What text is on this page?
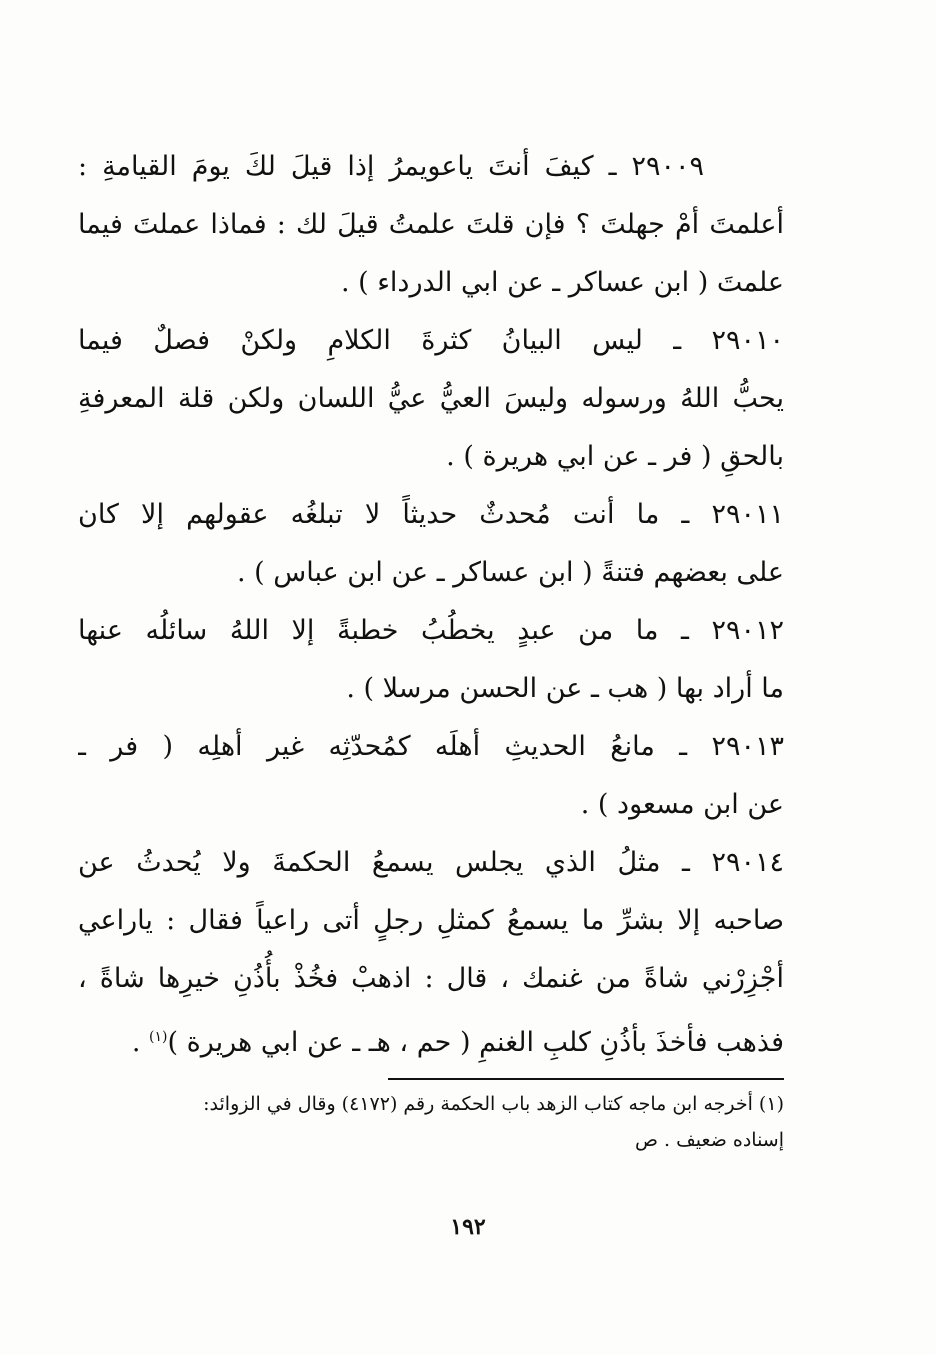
٢٩٠٠٩ ـ كيفَ أنتَ ياعويمرُ إذا قيلَ لكَ يومَ القيامةِ :
أعلمتَ أمْ جهلتَ ؟ فإن قلتَ علمتُ قيلَ لك : فماذا عملتَ فيما
علمتَ ( ابن عساكر ـ عن ابي الدرداء ) .
٢٩٠١٠ ـ ليس البيانُ كثرةَ الكلامِ ولكنْ فصلٌ فيما
يحبُّ اللهُ ورسوله وليسَ العيُّ عيُّ اللسان ولكن قلة المعرفةِ
بالحقِ ( فر ـ عن ابي هريرة ) .
٢٩٠١١ ـ ما أنت مُحدثٌ حديثاً لا تبلغُه عقولهم إلا كان
على بعضهم فتنةً ( ابن عساكر ـ عن ابن عباس ) .
٢٩٠١٢ ـ ما من عبدٍ يخطُبُ خطبةً إلا اللهُ سائلُه عنها
ما أراد بها ( هب ـ عن الحسن مرسلا ) .
٢٩٠١٣ ـ مانعُ الحديثِ أهلَه كمُحدّثِه غير أهلِه ( فر ـ
عن ابن مسعود ) .
٢٩٠١٤ ـ مثلُ الذي يجلس يسمعُ الحكمةَ ولا يُحدثُ عن
صاحبه إلا بشرِّ ما يسمعُ كمثلِ رجلٍ أتى راعياً فقال : ياراعي
أجْزِرْني شاةً من غنمك ، قال : اذهبْ فخُذْ بأُذُنِ خيرِها شاةً ،
فذهب فأخذَ بأذُنِ كلبِ الغنمِ ( حم ، هـ ـ عن ابي هريرة )$^{(١)}$ .
(١) أخرجه ابن ماجه كتاب الزهد باب الحكمة رقم (٤١٧٢) وقال في الزوائد:
إسناده ضعيف . ص
١٩٢
